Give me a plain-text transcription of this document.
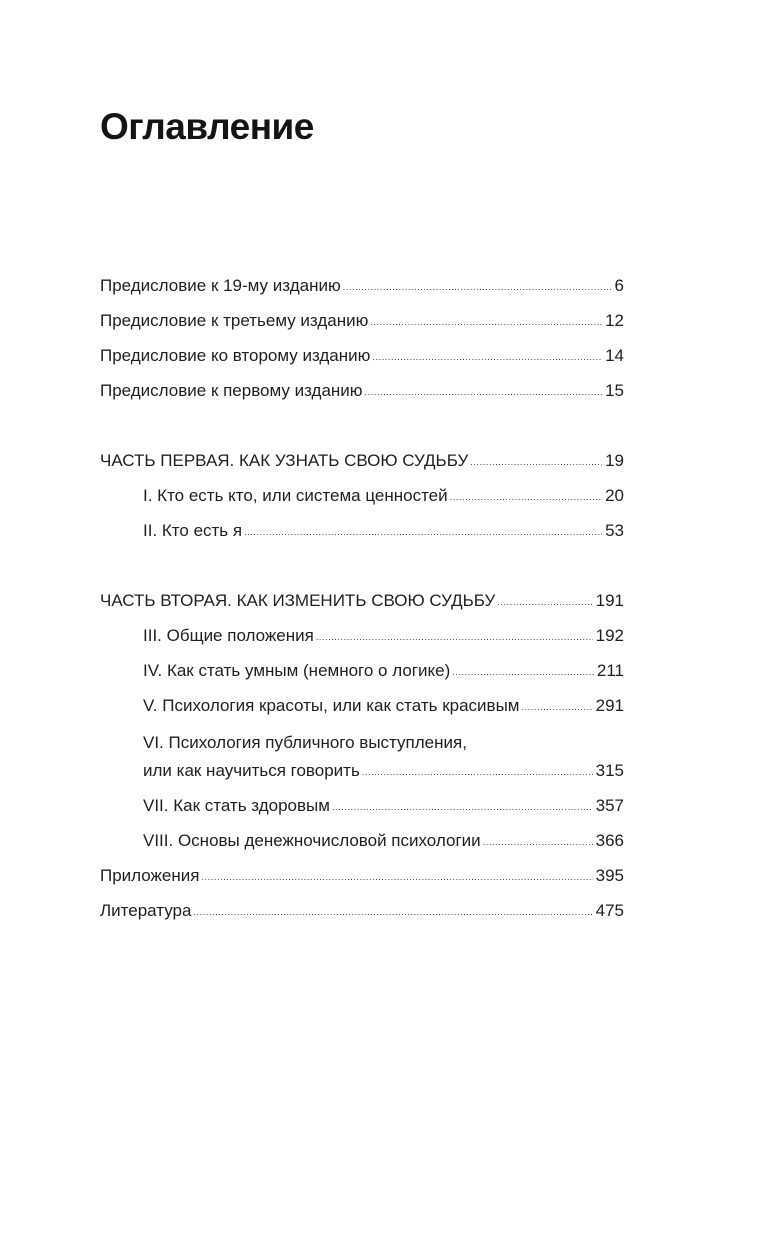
Оглавление
Предисловие к 19-му изданию .....	6
Предисловие к третьему изданию .....	12
Предисловие ко второму изданию .....	14
Предисловие к первому изданию .....	15
ЧАСТЬ ПЕРВАЯ. КАК УЗНАТЬ СВОЮ СУДЬБУ .....	19
I. Кто есть кто, или система ценностей .....	20
II. Кто есть я .....	53
ЧАСТЬ ВТОРАЯ. КАК ИЗМЕНИТЬ СВОЮ СУДЬБУ .....	191
III. Общие положения .....	192
IV. Как стать умным (немного о логике) .....	211
V. Психология красоты, или как стать красивым .....	291
VI. Психология публичного выступления,
или как научиться говорить .....	315
VII. Как стать здоровым .....	357
VIII. Основы денежночисловой психологии .....	366
Приложения .....	395
Литература .....	475
